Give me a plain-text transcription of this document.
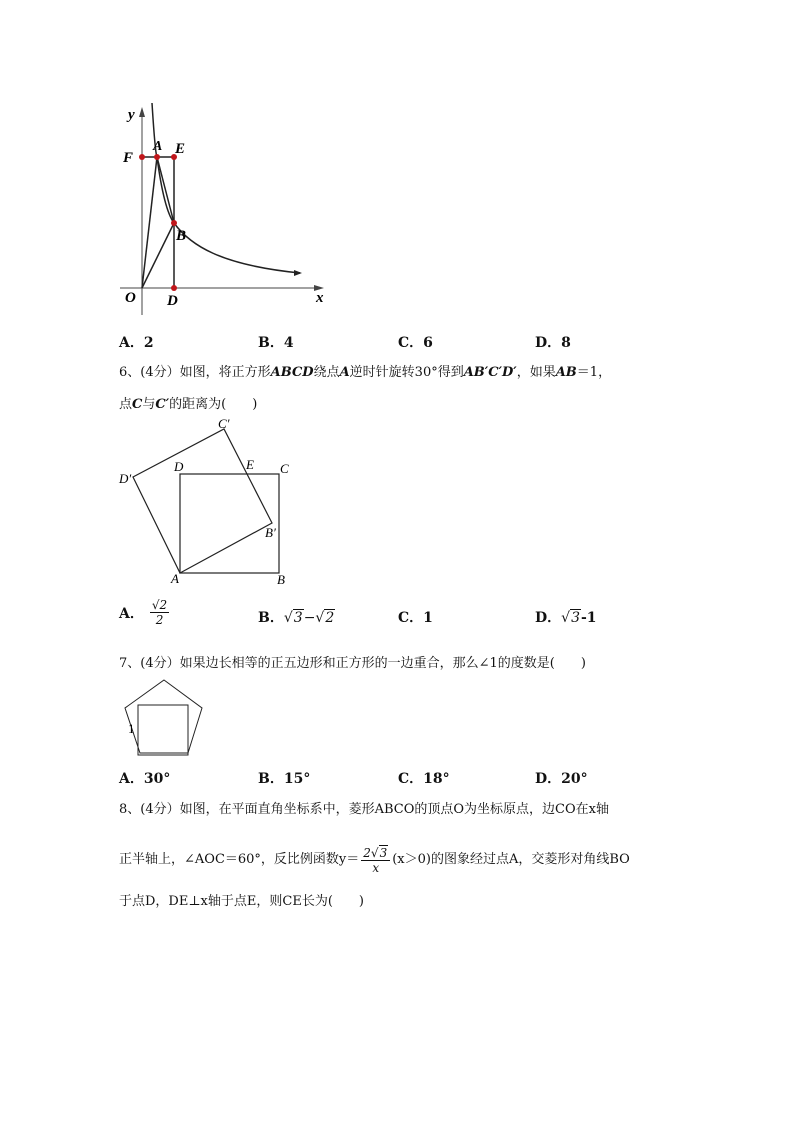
y
x
O
F
A E
B
D
A．2	B．4	C．6	D．8
6、(4分）如图，将正方形ABCD绕点A逆时针旋转30°得到AB′C′D′，如果AB＝1，
点C与C′的距离为(　　)
C′
D	E C
D′
B′
A	B
A． $\frac{√2}{2}$	B．√3−√2	C．1	D．√3-1
7、(4分）如果边长相等的正五边形和正方形的一边重合，那么∠1的度数是(　　)
1
A．30°	B．15°	C．18°	D．20°
8、(4分）如图，在平面直角坐标系中，菱形ABCO的顶点O为坐标原点，边CO在x轴
正半轴上，∠AOC＝60°，反比例函数$y= \frac{2√3}{x} (x>0)$的图象经过点A，交菱形对角线BO
于点D，DE⊥x轴于点E，则CE长为(　　)
